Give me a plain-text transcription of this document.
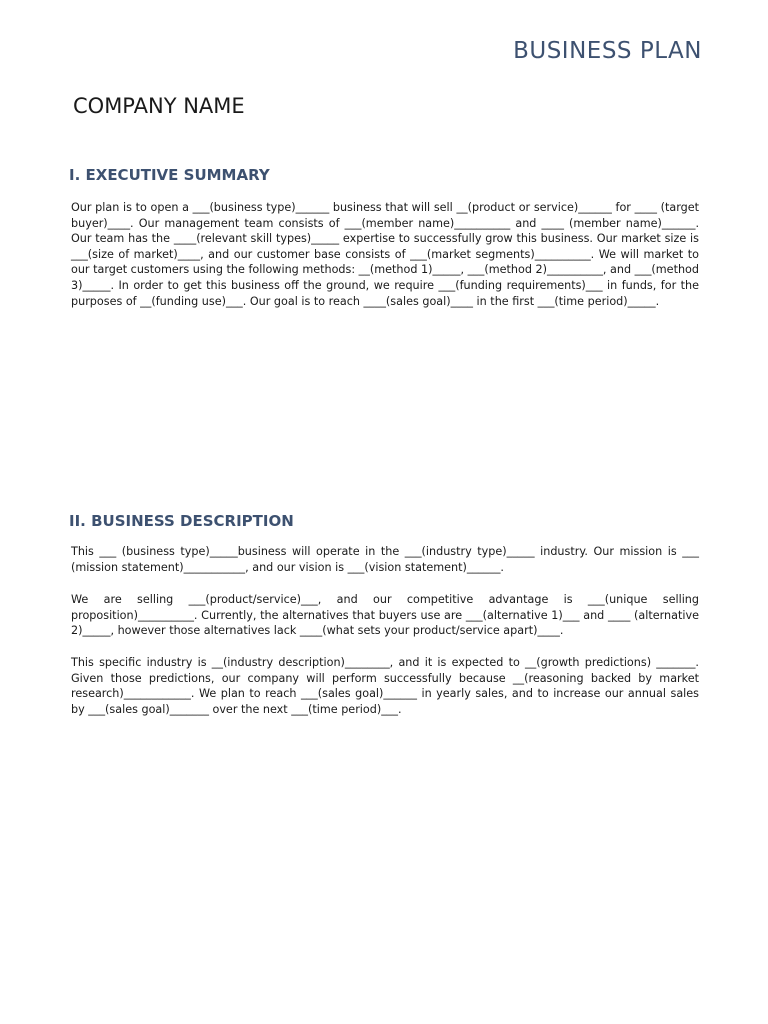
BUSINESS PLAN
COMPANY NAME
I. EXECUTIVE SUMMARY

Our plan is to open a ___(business type)______ business that will sell __(product or service)______ for ____ (target buyer)____. Our management team consists of ___(member name)__________ and ____ (member name)______. Our team has the ____(relevant skill types)_____ expertise to successfully grow this business. Our market size is ___(size of market)____, and our customer base consists of ___(market segments)__________. We will market to our target customers using the following methods: __(method 1)_____, ___(method 2)__________, and ___(method 3)_____. In order to get this business off the ground, we require ___(funding requirements)___ in funds, for the purposes of __(funding use)___. Our goal is to reach ____(sales goal)____ in the first ___(time period)_____.

II. BUSINESS DESCRIPTION

This ___ (business type)_____business will operate in the ___(industry type)_____ industry. Our mission is ___ (mission statement)___________, and our vision is ___(vision statement)______.

We are selling ___(product/service)___, and our competitive advantage is ___(unique selling proposition)__________. Currently, the alternatives that buyers use are ___(alternative 1)___ and ____ (alternative 2)_____, however those alternatives lack ____(what sets your product/service apart)____.

This specific industry is __(industry description)________, and it is expected to __(growth predictions) _______. Given those predictions, our company will perform successfully because __(reasoning backed by market research)____________. We plan to reach ___(sales goal)______ in yearly sales, and to increase our annual sales by ___(sales goal)_______ over the next ___(time period)___.
